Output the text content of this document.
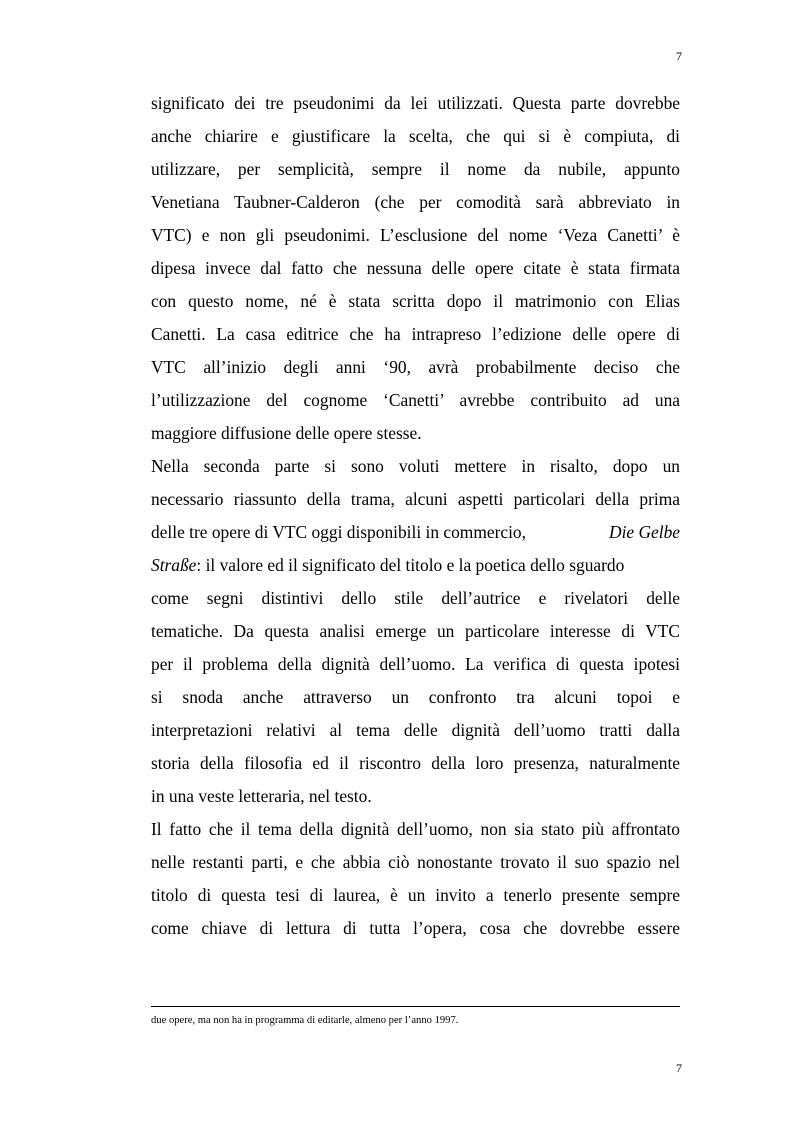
7
significato dei tre pseudonimi da lei utilizzati. Questa parte dovrebbe
anche chiarire e giustificare la scelta, che qui si è compiuta, di
utilizzare, per semplicità, sempre il nome da nubile, appunto
Venetiana Taubner-Calderon (che per comodità sarà abbreviato in
VTC) e non gli pseudonimi. L’esclusione del nome ‘Veza Canetti’ è
dipesa invece dal fatto che nessuna delle opere citate è stata firmata
con questo nome, né è stata scritta dopo il matrimonio con Elias
Canetti. La casa editrice che ha intrapreso l’edizione delle opere di
VTC all’inizio degli anni ‘90, avrà probabilmente deciso che
l’utilizzazione del cognome ‘Canetti’ avrebbe contribuito ad una
maggiore diffusione delle opere stesse.
Nella seconda parte si sono voluti mettere in risalto, dopo un
necessario riassunto della trama, alcuni aspetti particolari della prima
delle tre opere di VTC oggi disponibili in commercio,	Die Gelbe
Straße: il valore ed il significato del titolo e la poetica dello sguardo
come segni distintivi dello stile dell’autrice e rivelatori delle
tematiche. Da questa analisi emerge un particolare interesse di VTC
per il problema della dignità dell’uomo. La verifica di questa ipotesi
si snoda anche attraverso un confronto tra alcuni topoi e
interpretazioni relativi al tema delle dignità dell’uomo tratti dalla
storia della filosofia ed il riscontro della loro presenza, naturalmente
in una veste letteraria, nel testo.
Il fatto che il tema della dignità dell’uomo, non sia stato più affrontato
nelle restanti parti, e che abbia ciò nonostante trovato il suo spazio nel
titolo di questa tesi di laurea, è un invito a tenerlo presente sempre
come chiave di lettura di tutta l’opera, cosa che dovrebbe essere
due opere, ma non ha in programma di editarle, almeno per l’anno 1997.
7
